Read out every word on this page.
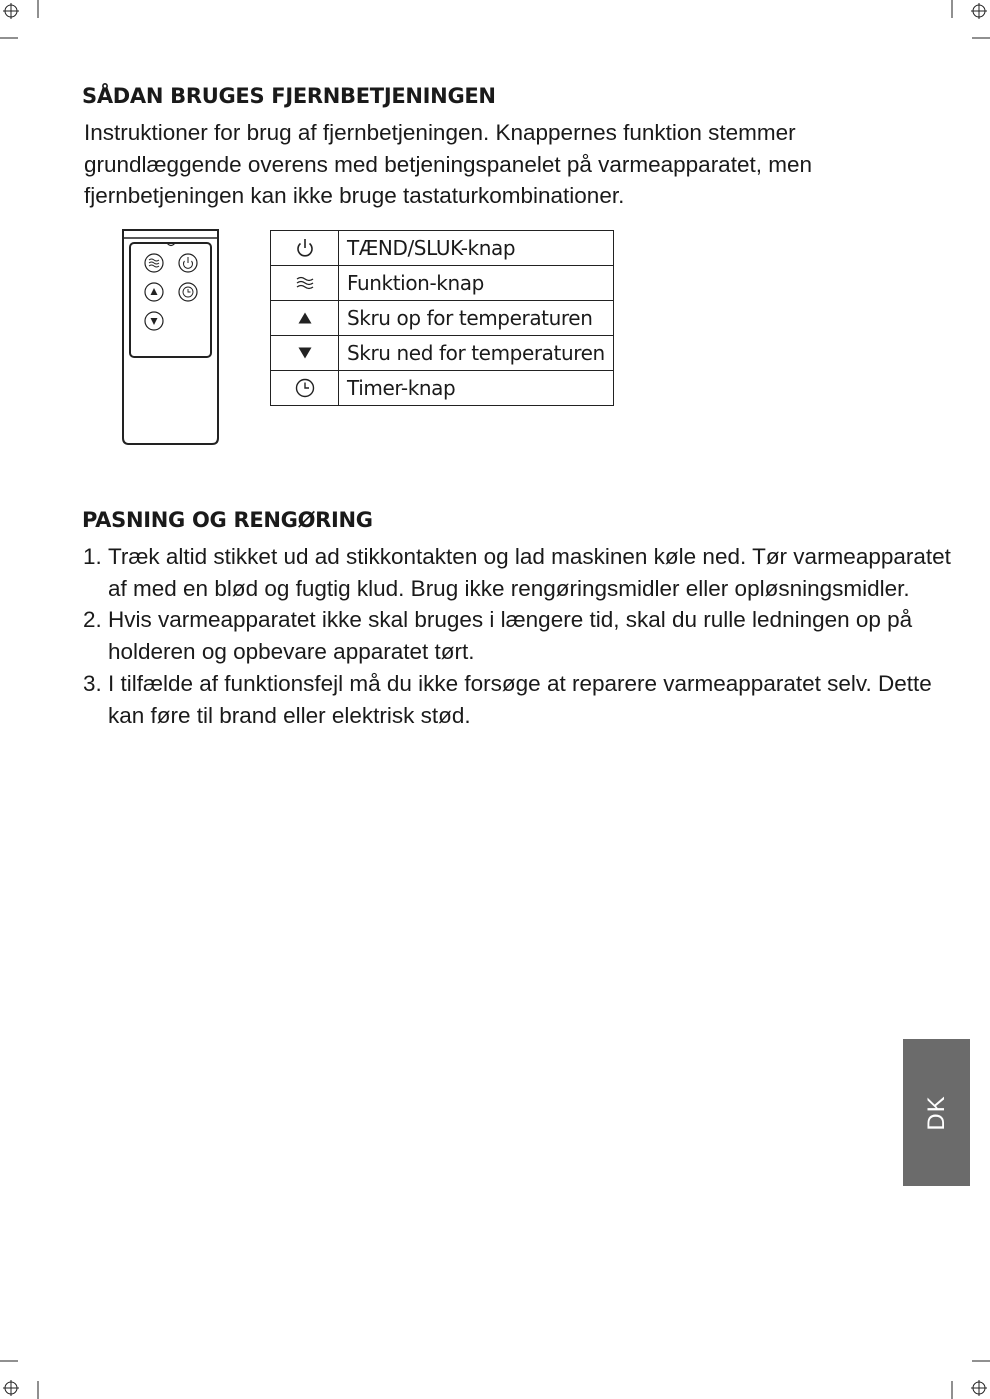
SÅDAN BRUGES FJERNBETJENINGEN

Instruktioner for brug af fjernbetjeningen. Knappernes funktion stemmer grundlæggende overens med betjeningspanelet på varmeapparatet, men fjernbetjeningen kan ikke bruge tastaturkombinationer.

	TÆND/SLUK-knap

	Funktion-knap

	Skru op for temperaturen

	Skru ned for temperaturen

	Timer-knap
PASNING OG RENGØRING
1. Træk altid stikket ud ad stikkontakten og lad maskinen køle ned. Tør varmeapparatet af med en blød og fugtig klud. Brug ikke rengøringsmidler eller opløsningsmidler.
2. Hvis varmeapparatet ikke skal bruges i længere tid, skal du rulle ledningen op på holderen og opbevare apparatet tørt.
3. I tilfælde af funktionsfejl må du ikke forsøge at reparere varmeapparatet selv. Dette kan føre til brand eller elektrisk stød.
DK
